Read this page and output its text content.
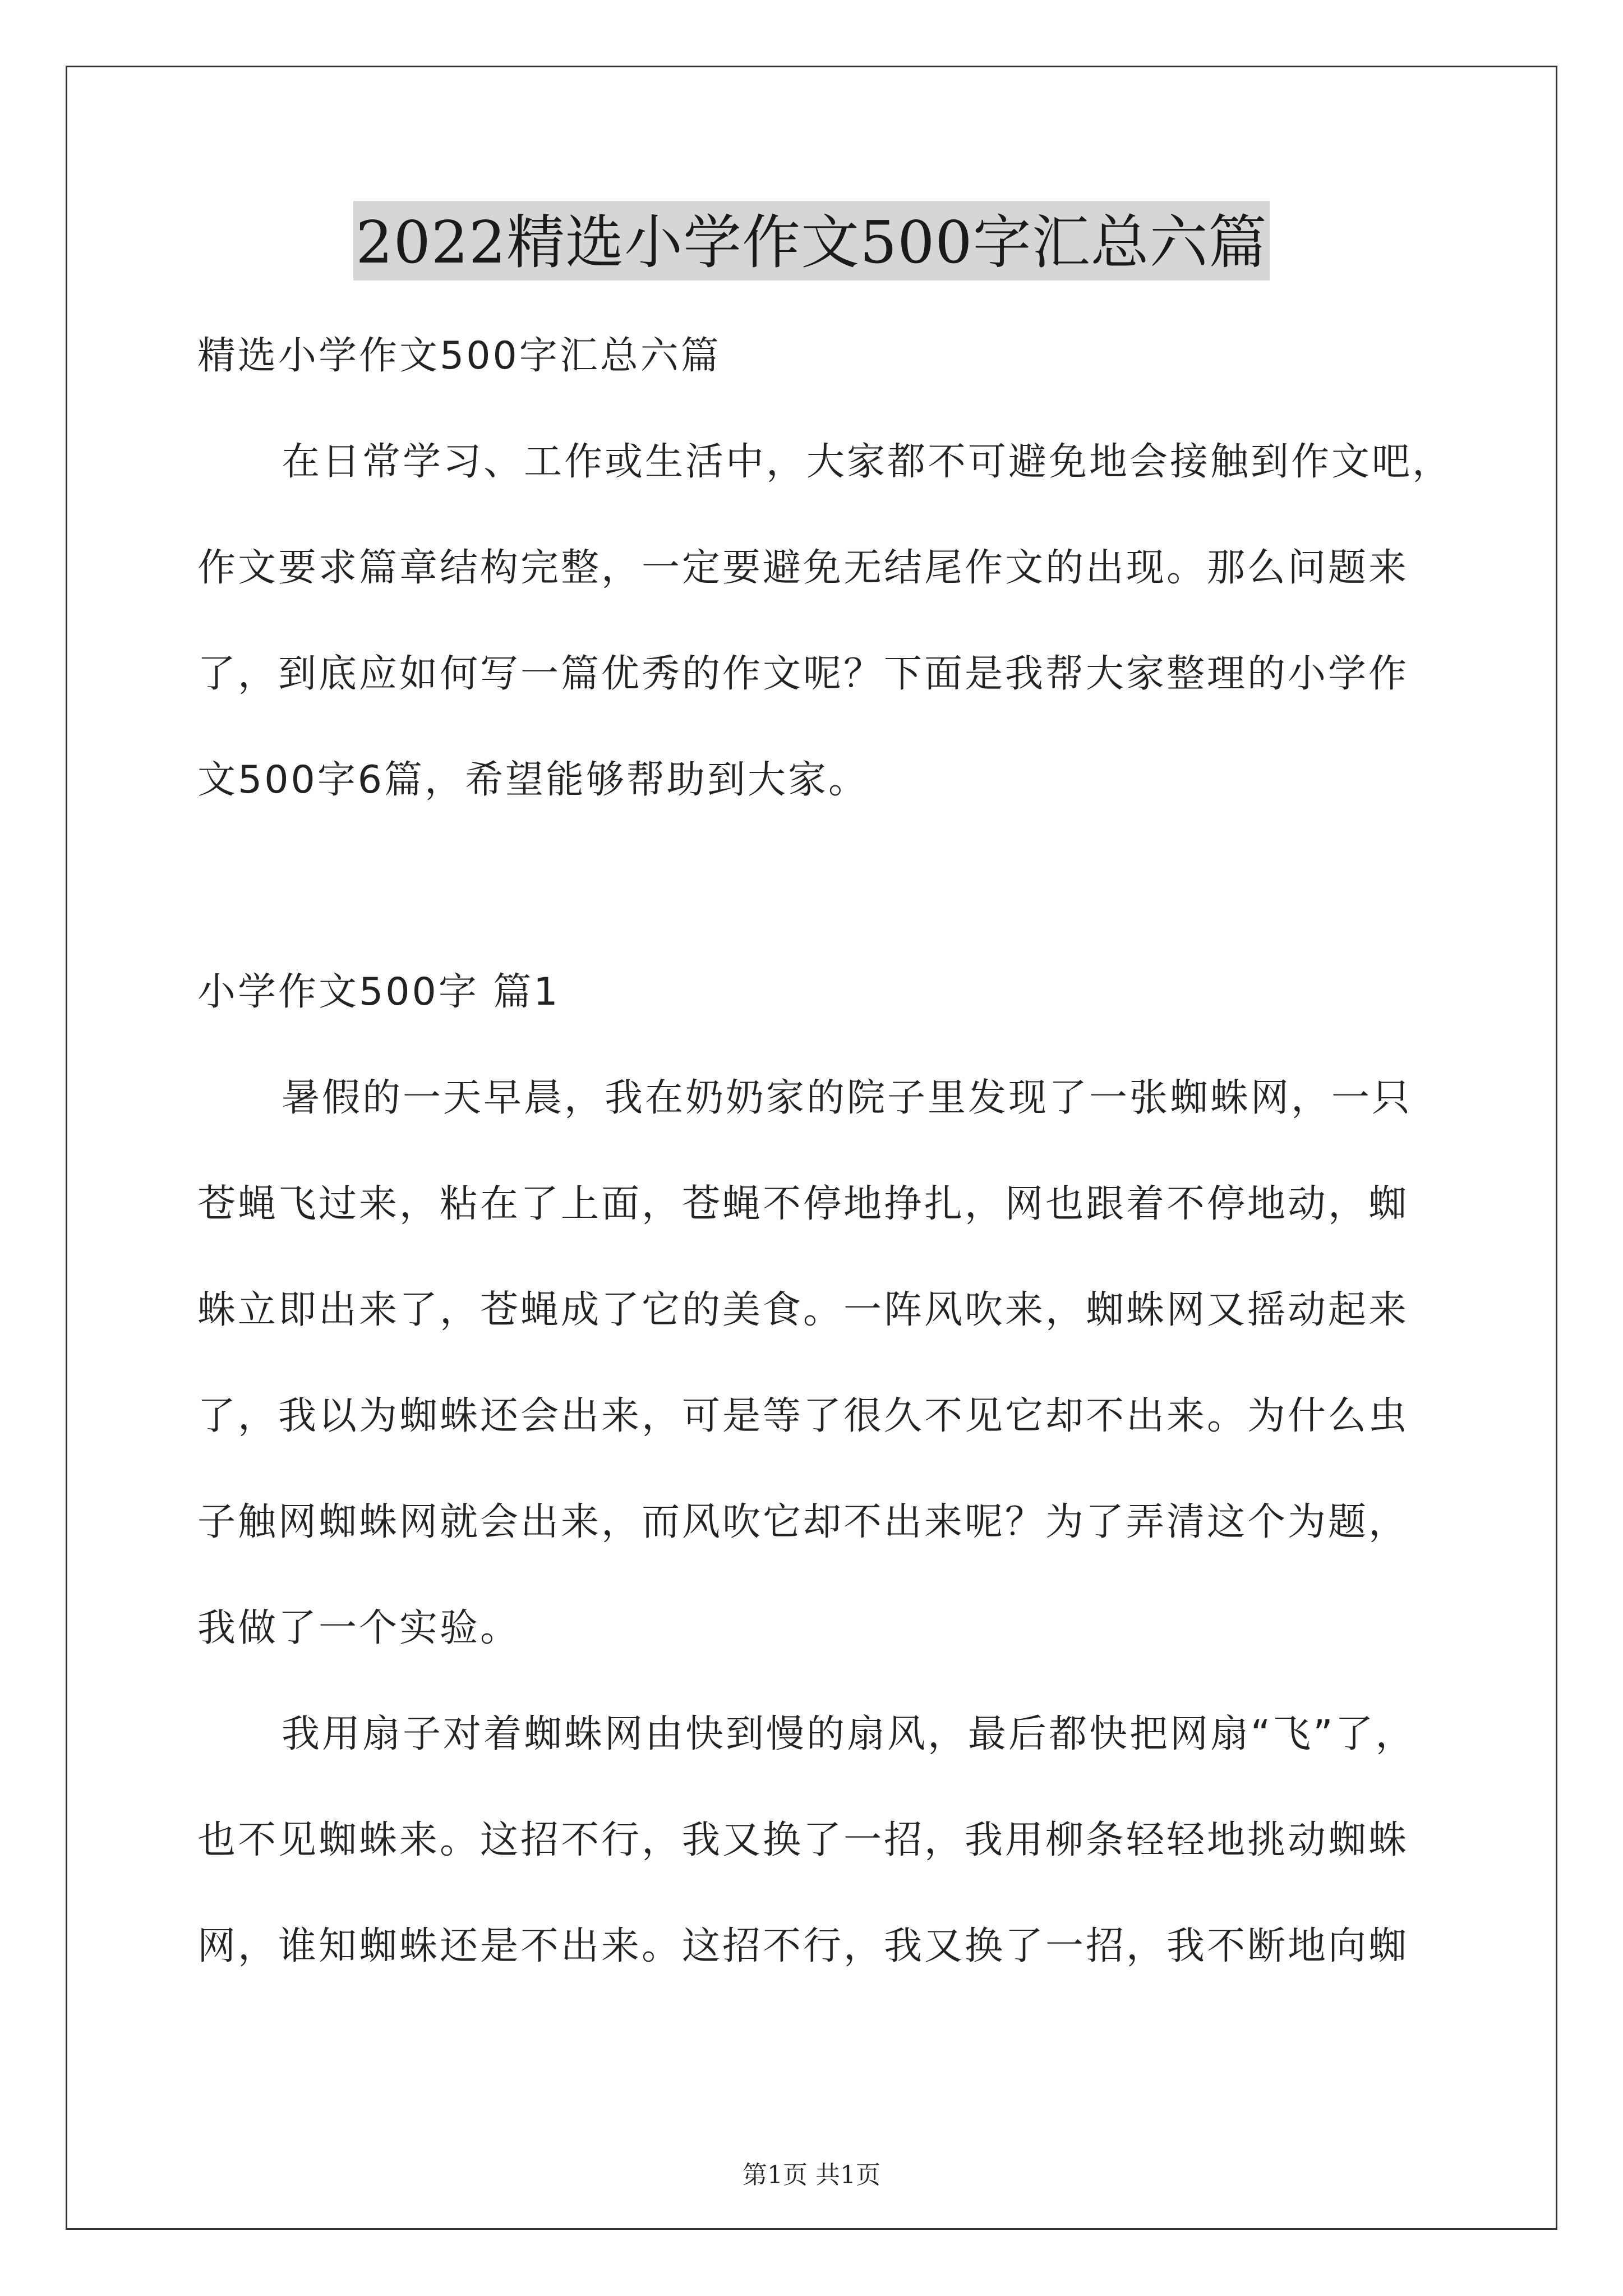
2022精选小学作文500字汇总六篇
精选小学作文500字汇总六篇
在日常学习、工作或生活中，大家都不可避免地会接触到作文吧，
作文要求篇章结构完整，一定要避免无结尾作文的出现。那么问题来
了，到底应如何写一篇优秀的作文呢？下面是我帮大家整理的小学作
文500字6篇，希望能够帮助到大家。
小学作文500字 篇1
暑假的一天早晨，我在奶奶家的院子里发现了一张蜘蛛网，一只
苍蝇飞过来，粘在了上面，苍蝇不停地挣扎，网也跟着不停地动，蜘
蛛立即出来了，苍蝇成了它的美食。一阵风吹来，蜘蛛网又摇动起来
了，我以为蜘蛛还会出来，可是等了很久不见它却不出来。为什么虫
子触网蜘蛛网就会出来，而风吹它却不出来呢？为了弄清这个为题，
我做了一个实验。
我用扇子对着蜘蛛网由快到慢的扇风，最后都快把网扇“飞”了，
也不见蜘蛛来。这招不行，我又换了一招，我用柳条轻轻地挑动蜘蛛
网，谁知蜘蛛还是不出来。这招不行，我又换了一招，我不断地向蜘
第1页 共1页
